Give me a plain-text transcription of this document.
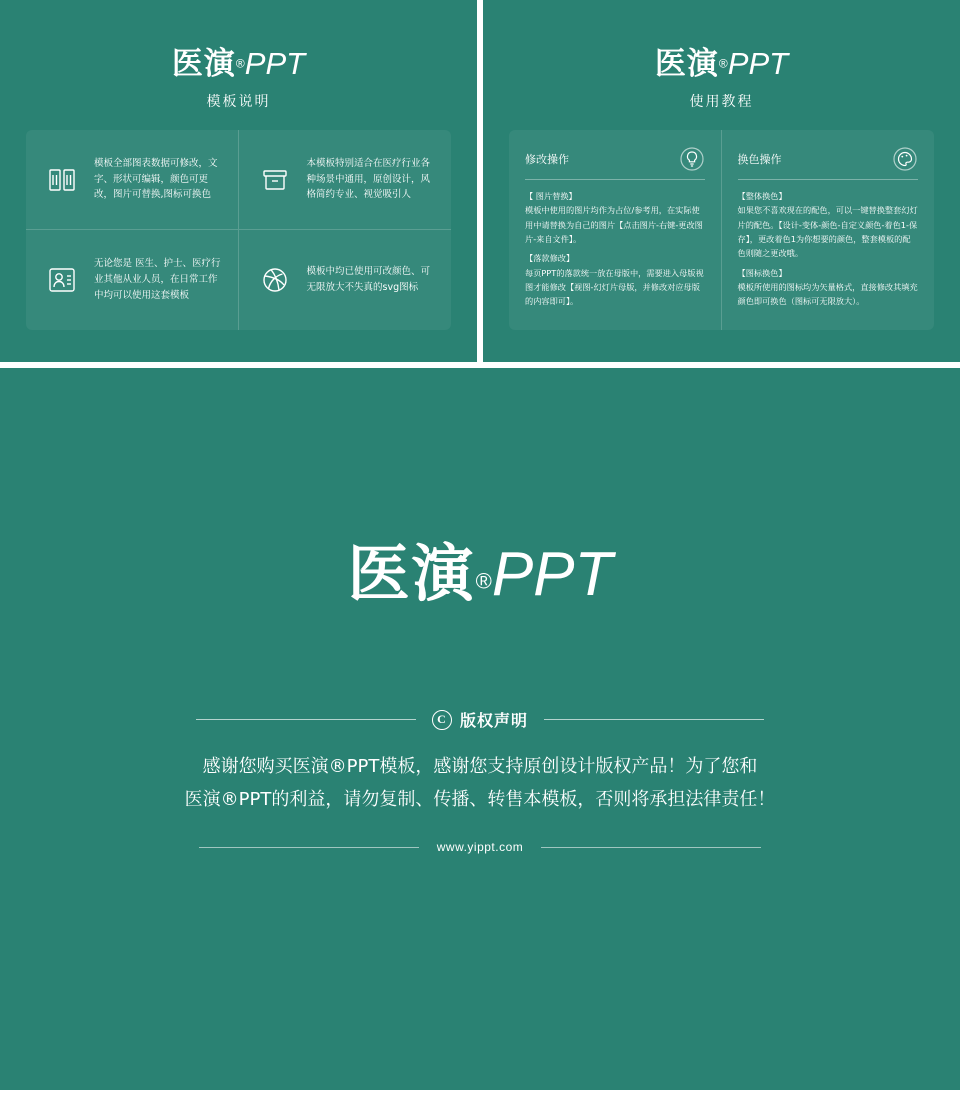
医演®PPT
模板说明
模板全部图表数据可修改，文字、形状可编辑，颜色可更改，图片可替换,图标可换色
本模板特别适合在医疗行业各种场景中通用，原创设计，风格简约专业、视觉吸引人
无论您是 医生、护士、医疗行业其他从业人员，在日常工作中均可以使用这套模板
模板中均已使用可改颜色、可无限放大不失真的svg图标
医演®PPT
使用教程
修改操作
【 图片替换】
模板中使用的图片均作为占位/参考用，在实际使用中请替换为自己的图片【点击图片-右键-更改图片-来自文件】。
【落款修改】
每页PPT的落款统一放在母版中，需要进入母版视图才能修改【视图-幻灯片母版，并修改对应母版的内容即可】。
换色操作
【整体换色】
如果您不喜欢现在的配色，可以一键替换整套幻灯片的配色。【设计-变体-颜色-自定义颜色-着色1-保存】，更改着色1为你想要的颜色，整套模板的配色则随之更改哦。
【图标换色】
模板所使用的图标均为矢量格式，直接修改其填充颜色即可换色（图标可无限放大）。
医演®PPT
C 版权声明
感谢您购买医演®PPT模板，感谢您支持原创设计版权产品！为了您和
医演®PPT的利益，请勿复制、传播、转售本模板，否则将承担法律责任！
www.yippt.com
